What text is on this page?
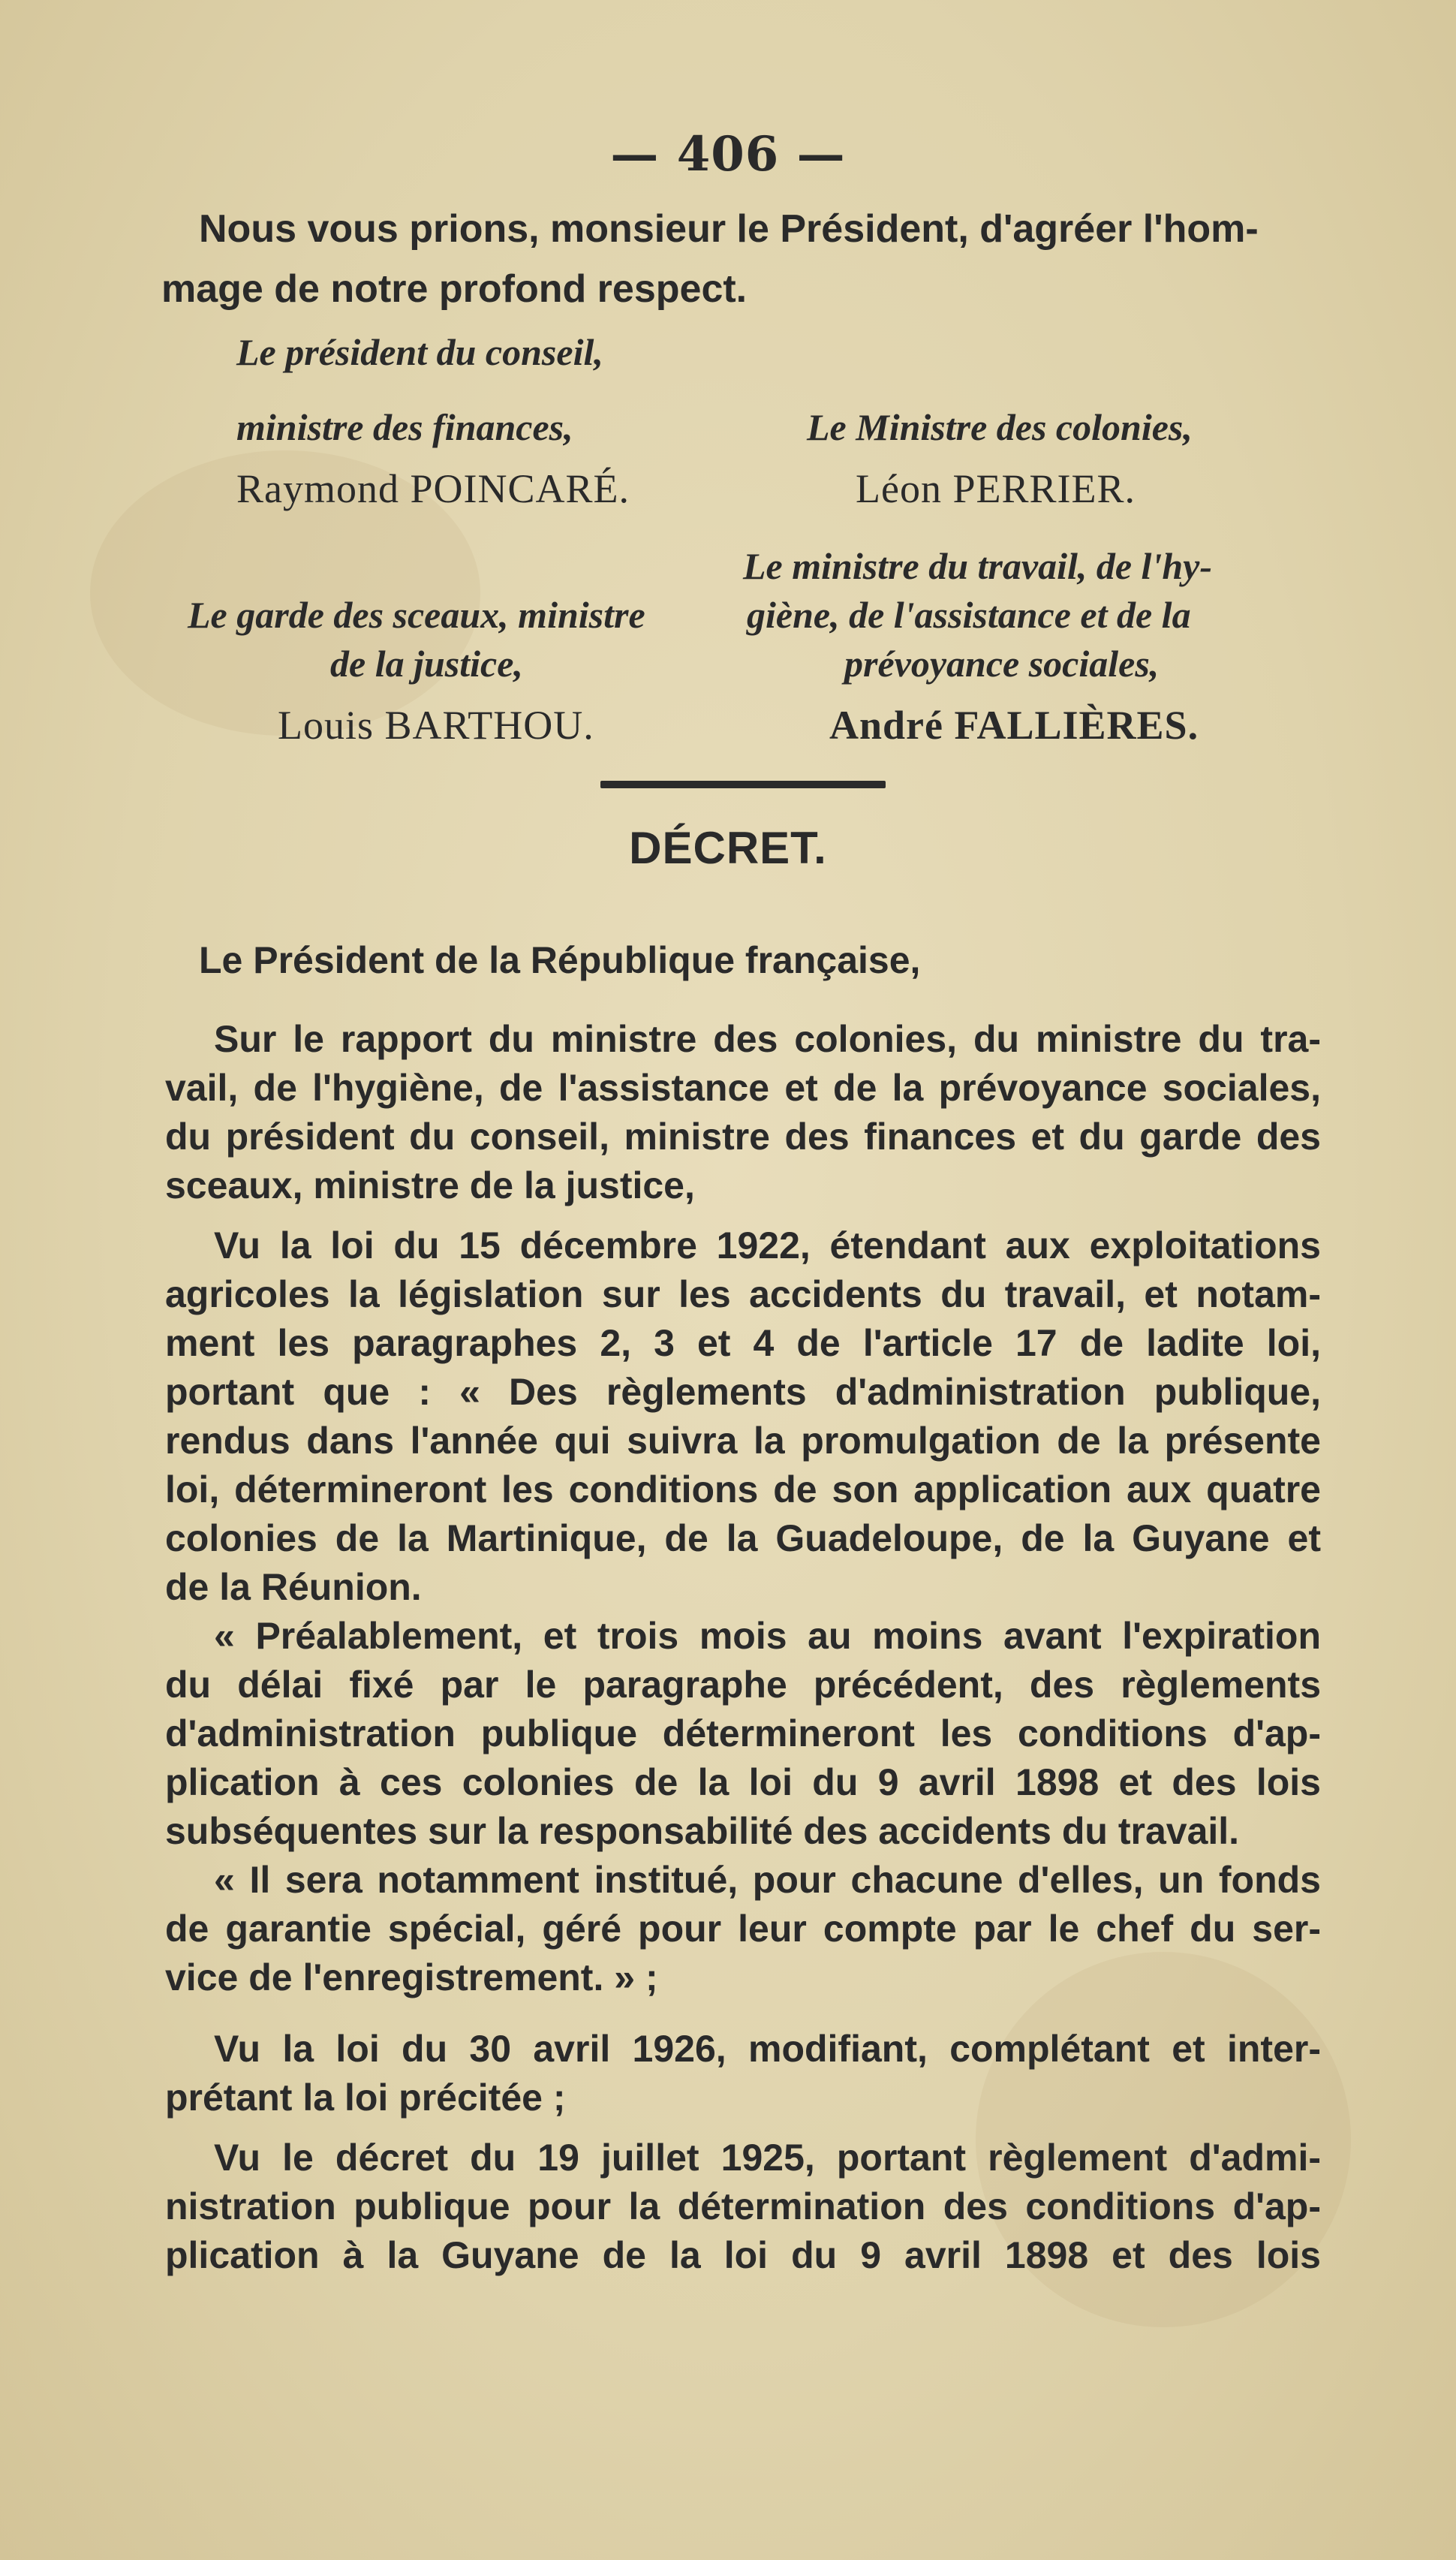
— 406 —
Nous vous prions, monsieur le Président, d'agréer l'hom-
mage de notre profond respect.
Le président du conseil,
ministre des finances,
Raymond POINCARÉ.
Le Ministre des colonies,
Léon PERRIER.
Le ministre du travail, de l'hy-
giène, de l'assistance et de la
prévoyance sociales,
André FALLIÈRES.
Le garde des sceaux, ministre
de la justice,
Louis BARTHOU.
DÉCRET.
Le Président de la République française,
Sur le rapport du ministre des colonies, du ministre du tra-
vail, de l'hygiène, de l'assistance et de la prévoyance sociales,
du président du conseil, ministre des finances et du garde des
sceaux, ministre de la justice,
Vu la loi du 15 décembre 1922, étendant aux exploitations
agricoles la législation sur les accidents du travail, et notam-
ment les paragraphes 2, 3 et 4 de l'article 17 de ladite loi,
portant que : « Des règlements d'administration publique,
rendus dans l'année qui suivra la promulgation de la présente
loi, détermineront les conditions de son application aux quatre
colonies de la Martinique, de la Guadeloupe, de la Guyane et
de la Réunion.
« Préalablement, et trois mois au moins avant l'expiration
du délai fixé par le paragraphe précédent, des règlements
d'administration publique détermineront les conditions d'ap-
plication à ces colonies de la loi du 9 avril 1898 et des lois
subséquentes sur la responsabilité des accidents du travail.
« Il sera notamment institué, pour chacune d'elles, un fonds
de garantie spécial, géré pour leur compte par le chef du ser-
vice de l'enregistrement. » ;
Vu la loi du 30 avril 1926, modifiant, complétant et inter-
prétant la loi précitée ;
Vu le décret du 19 juillet 1925, portant règlement d'admi-
nistration publique pour la détermination des conditions d'ap-
plication à la Guyane de la loi du 9 avril 1898 et des lois
